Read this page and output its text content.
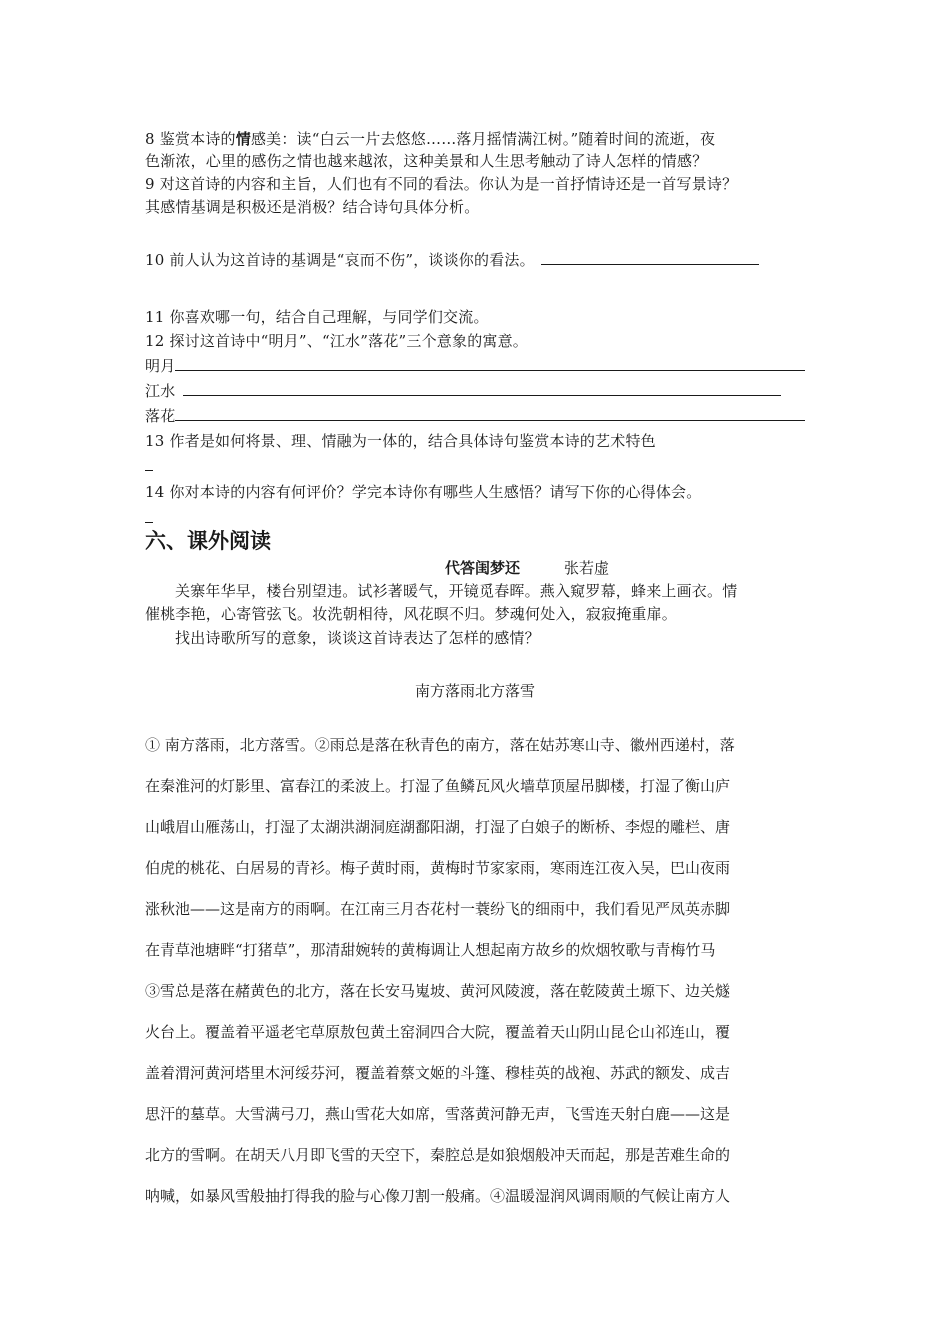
8 鉴赏本诗的情感美：读“白云一片去悠悠……落月摇情满江树。”随着时间的流逝，夜
色渐浓，心里的感伤之情也越来越浓，这种美景和人生思考触动了诗人怎样的情感？
9 对这首诗的内容和主旨，人们也有不同的看法。你认为是一首抒情诗还是一首写景诗？
其感情基调是积极还是消极？结合诗句具体分析。
10 前人认为这首诗的基调是“哀而不伤”，谈谈你的看法。
11 你喜欢哪一句，结合自己理解，与同学们交流。
12 探讨这首诗中“明月”、“江水”落花”三个意象的寓意。
明月
江水
落花
13 作者是如何将景、理、情融为一体的，结合具体诗句鉴赏本诗的艺术特色
14 你对本诗的内容有何评价？学完本诗你有哪些人生感悟？请写下你的心得体会。
六、课外阅读
代答闺梦还	张若虚
关寨年华早，楼台别望违。试衫著暖气，开镜觅春晖。燕入窥罗幕，蜂来上画衣。情
催桃李艳，心寄管弦飞。妆洗朝相待，风花暝不归。梦魂何处入，寂寂掩重扉。
找出诗歌所写的意象，谈谈这首诗表达了怎样的感情？
南方落雨北方落雪
① 南方落雨，北方落雪。②雨总是落在秋青色的南方，落在姑苏寒山寺、徽州西递村，落
在秦淮河的灯影里、富春江的柔波上。打湿了鱼鳞瓦风火墙草顶屋吊脚楼，打湿了衡山庐
山峨眉山雁荡山，打湿了太湖洪湖洞庭湖鄱阳湖，打湿了白娘子的断桥、李煜的雕栏、唐
伯虎的桃花、白居易的青衫。梅子黄时雨，黄梅时节家家雨，寒雨连江夜入吴，巴山夜雨
涨秋池——这是南方的雨啊。在江南三月杏花村一蓑纷飞的细雨中，我们看见严凤英赤脚
在青草池塘畔“打猪草”，那清甜婉转的黄梅调让人想起南方故乡的炊烟牧歌与青梅竹马
③雪总是落在赭黄色的北方，落在长安马嵬坡、黄河风陵渡，落在乾陵黄土塬下、边关燧
火台上。覆盖着平遥老宅草原敖包黄土窑洞四合大院，覆盖着天山阴山昆仑山祁连山，覆
盖着渭河黄河塔里木河绥芬河，覆盖着蔡文姬的斗篷、穆桂英的战袍、苏武的额发、成吉
思汗的墓草。大雪满弓刀，燕山雪花大如席，雪落黄河静无声，飞雪连天射白鹿——这是
北方的雪啊。在胡天八月即飞雪的天空下，秦腔总是如狼烟般冲天而起，那是苦难生命的
呐喊，如暴风雪般抽打得我的脸与心像刀割一般痛。④温暖湿润风调雨顺的气候让南方人
